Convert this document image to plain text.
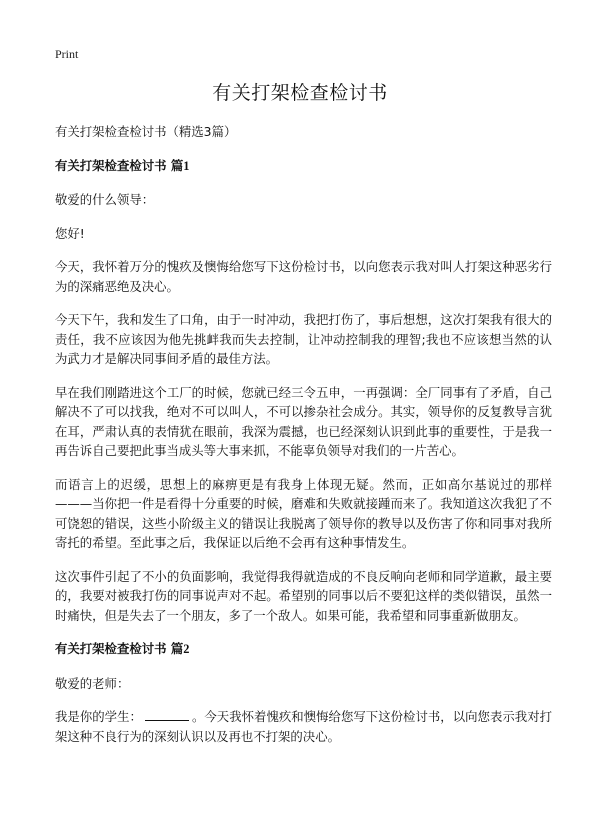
Print
有关打架检查检讨书

有关打架检查检讨书（精选3篇）

有关打架检查检讨书 篇1

敬爱的什么领导：

您好!

今天，我怀着万分的愧疚及懊悔给您写下这份检讨书，以向您表示我对叫人打架这种恶劣行为的深痛恶绝及决心。

今天下午，我和发生了口角，由于一时冲动，我把打伤了，事后想想，这次打架我有很大的责任，我不应该因为他先挑衅我而失去控制，让冲动控制我的理智;我也不应该想当然的认为武力才是解决同事间矛盾的最佳方法。

早在我们刚踏进这个工厂的时候，您就已经三令五申，一再强调：全厂同事有了矛盾，自己解决不了可以找我，绝对不可以叫人，不可以掺杂社会成分。其实，领导你的反复教导言犹在耳，严肃认真的表情犹在眼前，我深为震撼，也已经深刻认识到此事的重要性，于是我一再告诉自己要把此事当成头等大事来抓，不能辜负领导对我们的一片苦心。

而语言上的迟缓，思想上的麻痹更是有我身上体现无疑。然而，正如高尔基说过的那样———当你把一件是看得十分重要的时候，磨难和失败就接踵而来了。我知道这次我犯了不可饶恕的错误，这些小阶级主义的错误让我脱离了领导你的教导以及伤害了你和同事对我所寄托的希望。至此事之后，我保证以后绝不会再有这种事情发生。

这次事件引起了不小的负面影响，我觉得我得就造成的不良反响向老师和同学道歉，最主要的，我要对被我打伤的同事说声对不起。希望别的同事以后不要犯这样的类似错误，虽然一时痛快，但是失去了一个朋友，多了一个敌人。如果可能，我希望和同事重新做朋友。

有关打架检查检讨书 篇2

敬爱的老师：

我是你的学生：	。今天我怀着愧疚和懊悔给您写下这份检讨书，以向您表示我对打架这种不良行为的深刻认识以及再也不打架的决心。
